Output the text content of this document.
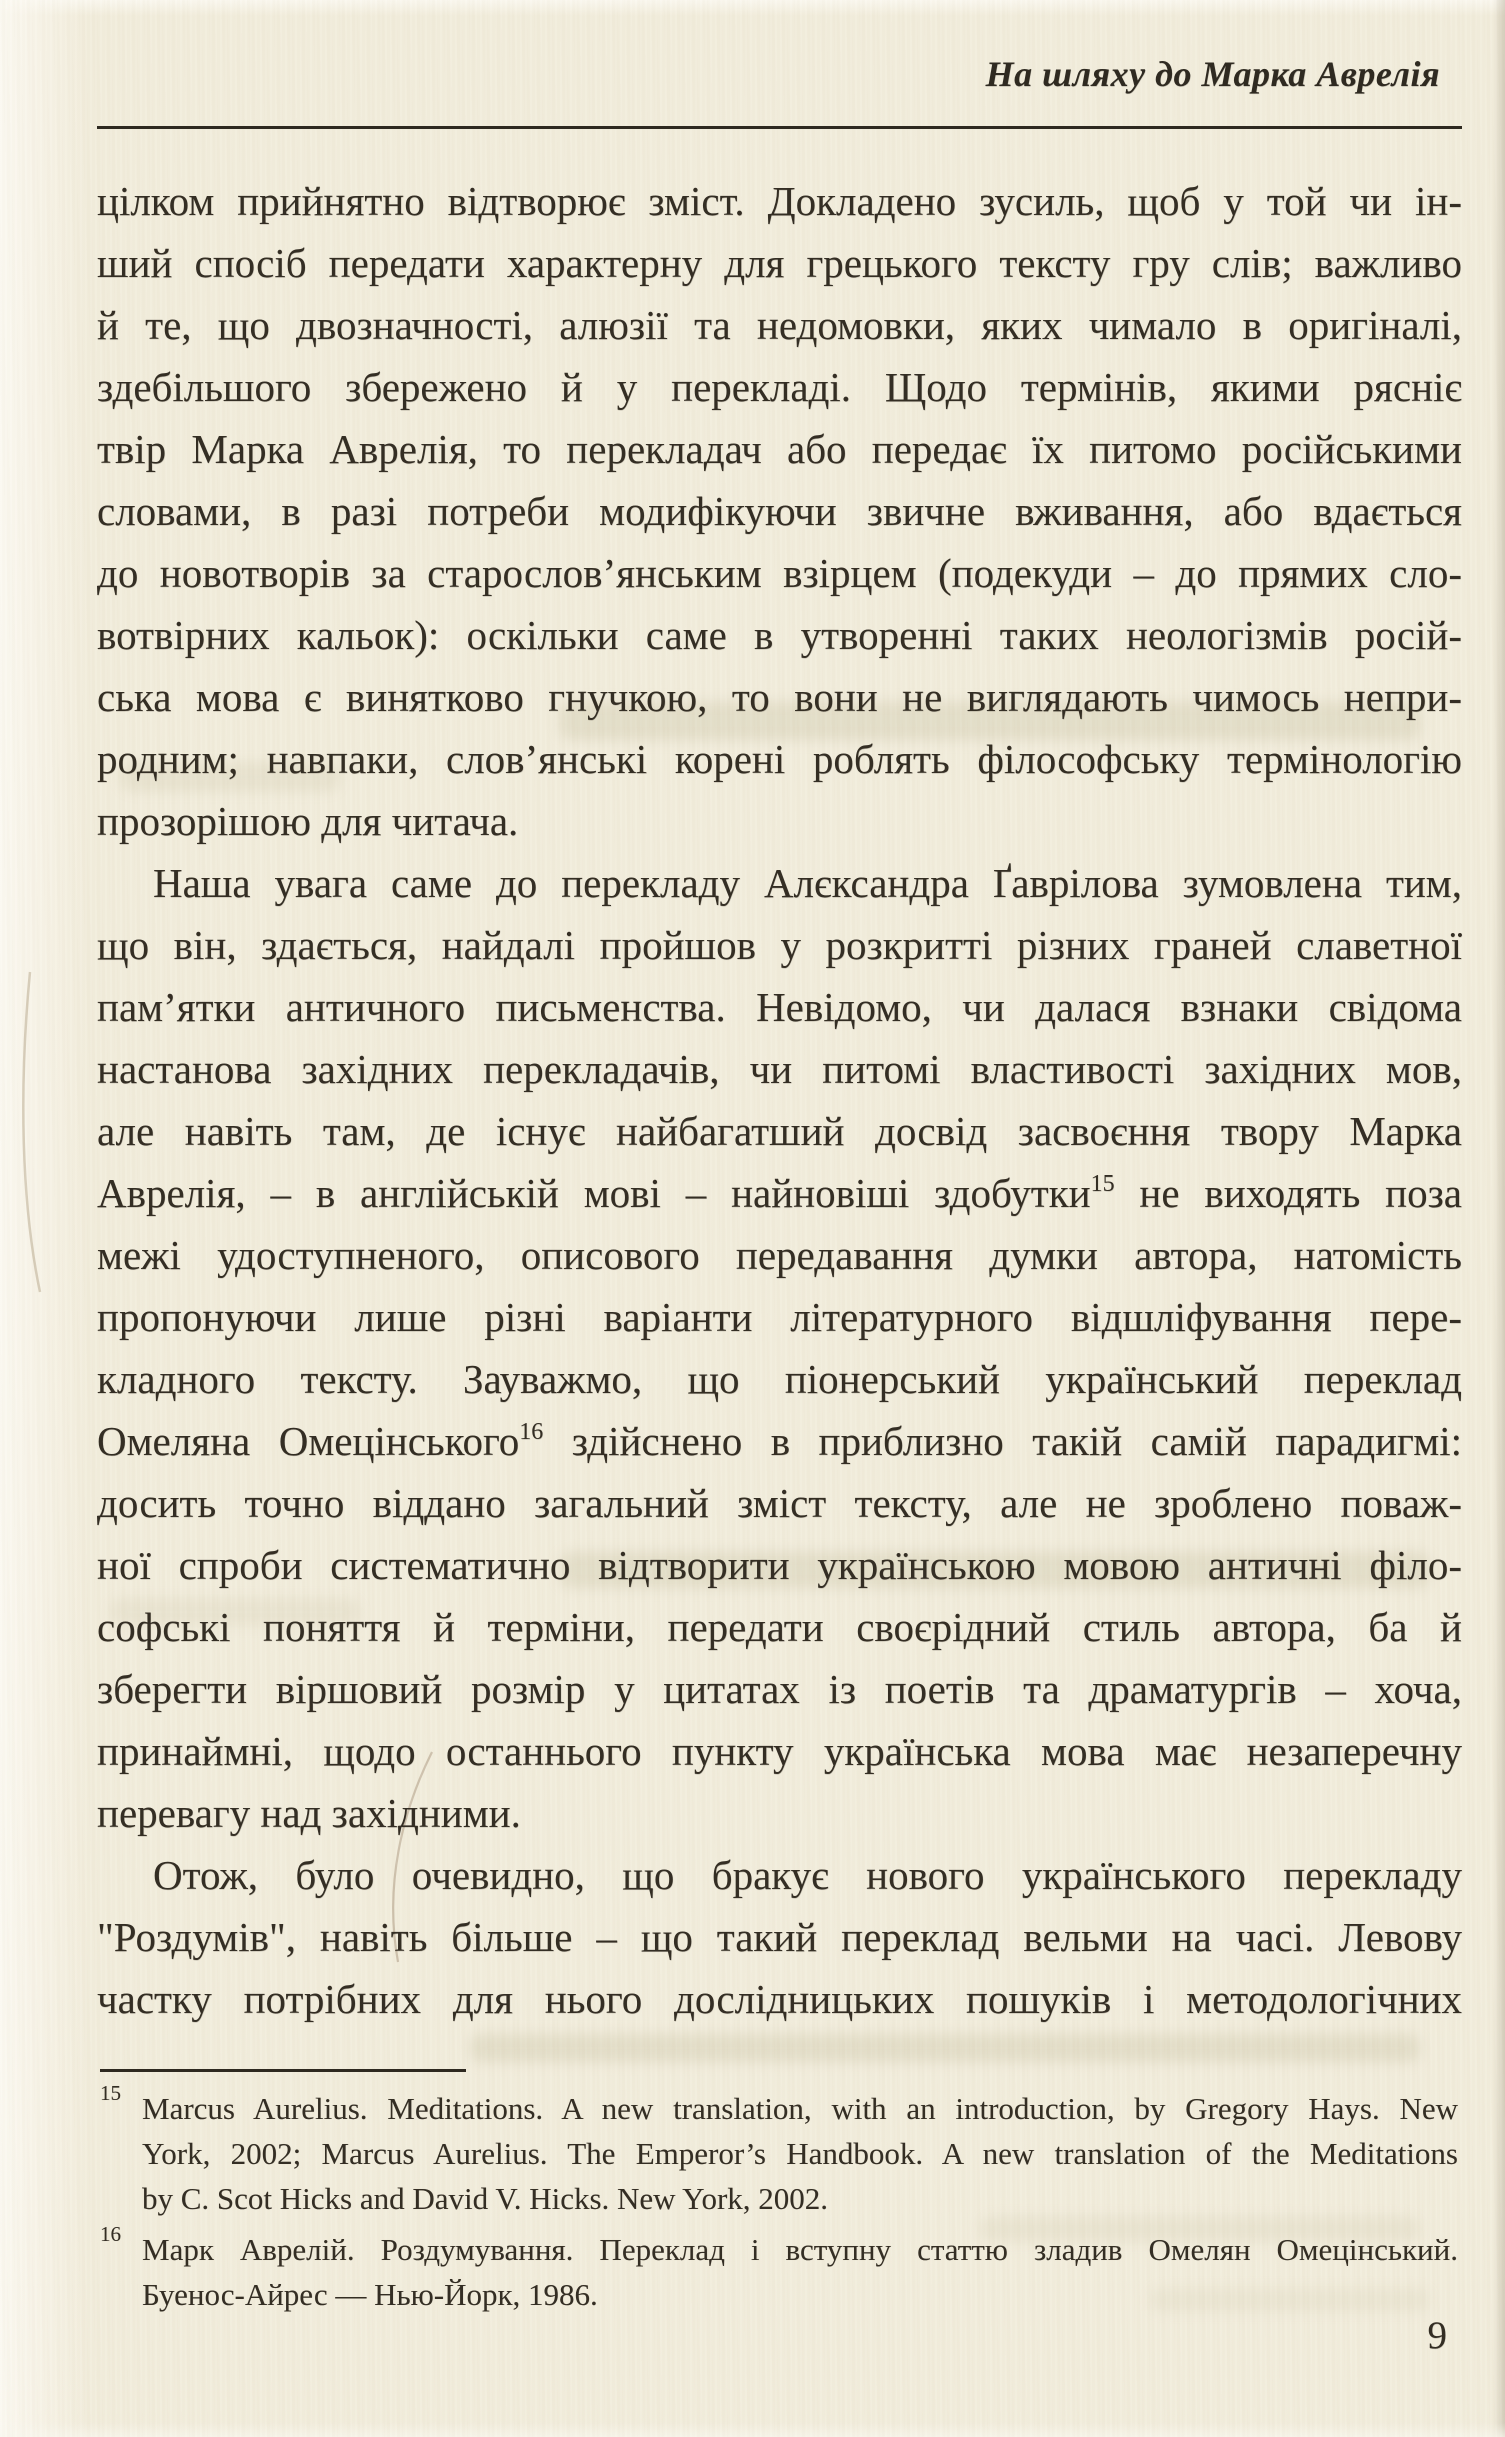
На шляху до Марка Аврелія
цілком прийнятно відтворює зміст. Докладено зусиль, щоб у той чи ін-
ший спосіб передати характерну для грецького тексту гру слів; важливо
й те, що двозначності, алюзії та недомовки, яких чимало в оригіналі,
здебільшого збережено й у перекладі. Щодо термінів, якими рясніє
твір Марка Аврелія, то перекладач або передає їх питомо російськими
словами, в разі потреби модифікуючи звичне вживання, або вдається
до новотворів за старослов’янським взірцем (подекуди – до прямих сло-
вотвірних кальок): оскільки саме в утворенні таких неологізмів росій-
ська мова є винятково гнучкою, то вони не виглядають чимось непри-
родним; навпаки, слов’янські корені роблять філософську термінологію
прозорішою для читача.
Наша увага саме до перекладу Алєксандра Ґаврілова зумовлена тим,
що він, здається, найдалі пройшов у розкритті різних граней славетної
пам’ятки античного письменства. Невідомо, чи далася взнаки свідома
настанова західних перекладачів, чи питомі властивості західних мов,
але навіть там, де існує найбагатший досвід засвоєння твору Марка
Аврелія, – в англійській мові – найновіші здобутки$^{15}$ не виходять поза
межі удоступненого, описового передавання думки автора, натомість
пропонуючи лише різні варіанти літературного відшліфування пере-
кладного тексту. Зауважмо, що піонерський український переклад
Омеляна Омецінського$^{16}$ здійснено в приблизно такій самій парадигмі:
досить точно віддано загальний зміст тексту, але не зроблено поваж-
ної спроби систематично відтворити українською мовою античні філо-
софські поняття й терміни, передати своєрідний стиль автора, ба й
зберегти віршовий розмір у цитатах із поетів та драматургів – хоча,
принаймні, щодо останнього пункту українська мова має незаперечну
перевагу над західними.
Отож, було очевидно, що бракує нового українського перекладу
"Роздумів", навіть більше – що такий переклад вельми на часі. Левову
частку потрібних для нього дослідницьких пошуків і методологічних
15 Marcus Aurelius. Meditations. A new translation, with an introduction, by Gregory Hays. New
York, 2002; Marcus Aurelius. The Emperor’s Handbook. A new translation of the Meditations
by C. Scot Hicks and David V. Hicks. New York, 2002.
16 Марк Аврелій. Роздумування. Переклад і вступну статтю зладив Омелян Омецінський.
Буенос-Айрес — Нью-Йорк, 1986.
9
